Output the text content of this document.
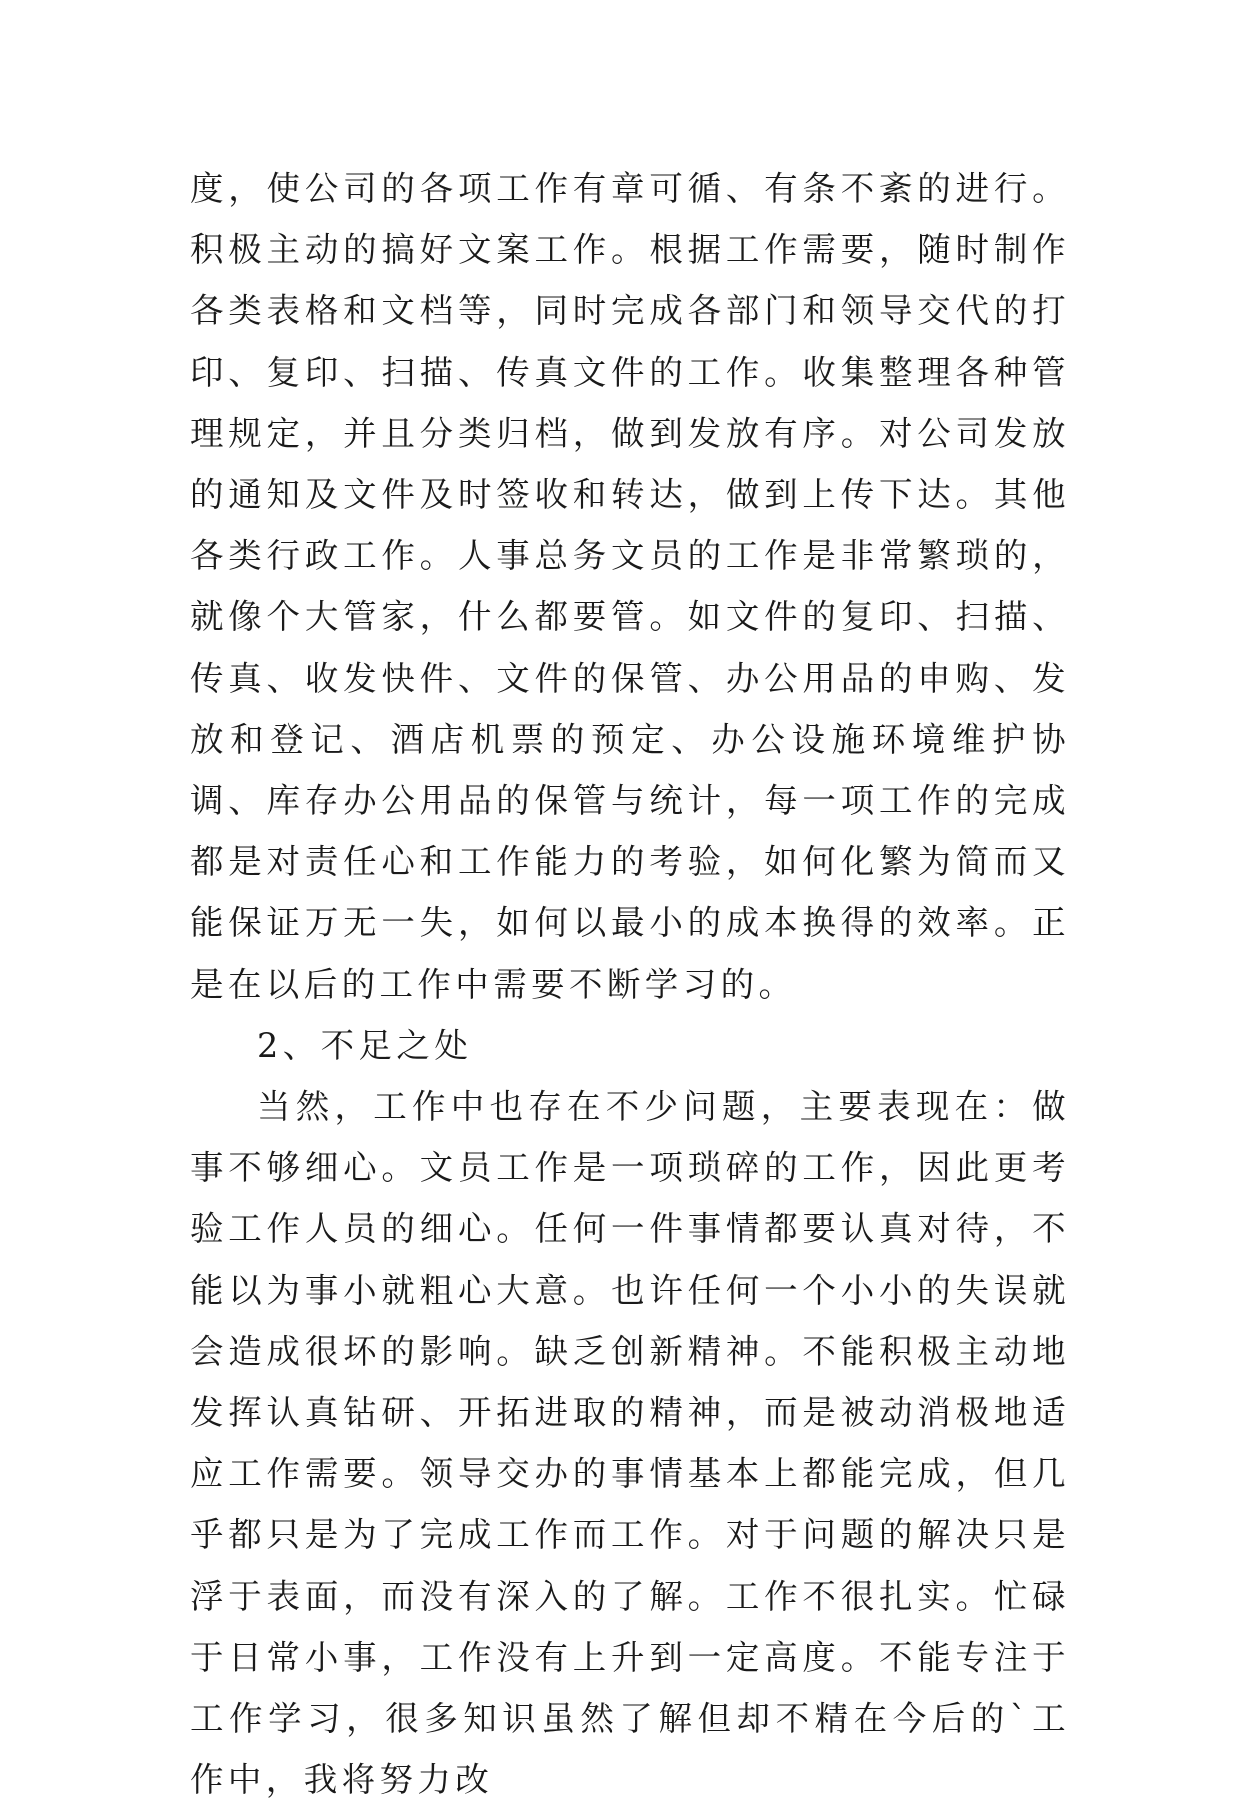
度，使公司的各项工作有章可循、有条不紊的进行。积极主动的搞好文案工作。根据工作需要，随时制作各类表格和文档等，同时完成各部门和领导交代的打印、复印、扫描、传真文件的工作。收集整理各种管理规定，并且分类归档，做到发放有序。对公司发放的通知及文件及时签收和转达，做到上传下达。其他各类行政工作。人事总务文员的工作是非常繁琐的，就像个大管家，什么都要管。如文件的复印、扫描、传真、收发快件、文件的保管、办公用品的申购、发放和登记、酒店机票的预定、办公设施环境维护协调、库存办公用品的保管与统计，每一项工作的完成都是对责任心和工作能力的考验，如何化繁为简而又能保证万无一失，如何以最小的成本换得的效率。正是在以后的工作中需要不断学习的。

2、不足之处

当然，工作中也存在不少问题，主要表现在：做事不够细心。文员工作是一项琐碎的工作，因此更考验工作人员的细心。任何一件事情都要认真对待，不能以为事小就粗心大意。也许任何一个小小的失误就会造成很坏的影响。缺乏创新精神。不能积极主动地发挥认真钻研、开拓进取的精神，而是被动消极地适应工作需要。领导交办的事情基本上都能完成，但几乎都只是为了完成工作而工作。对于问题的解决只是浮于表面，而没有深入的了解。工作不很扎实。忙碌于日常小事，工作没有上升到一定高度。不能专注于工作学习，很多知识虽然了解但却不精在今后的`工作中，我将努力改
